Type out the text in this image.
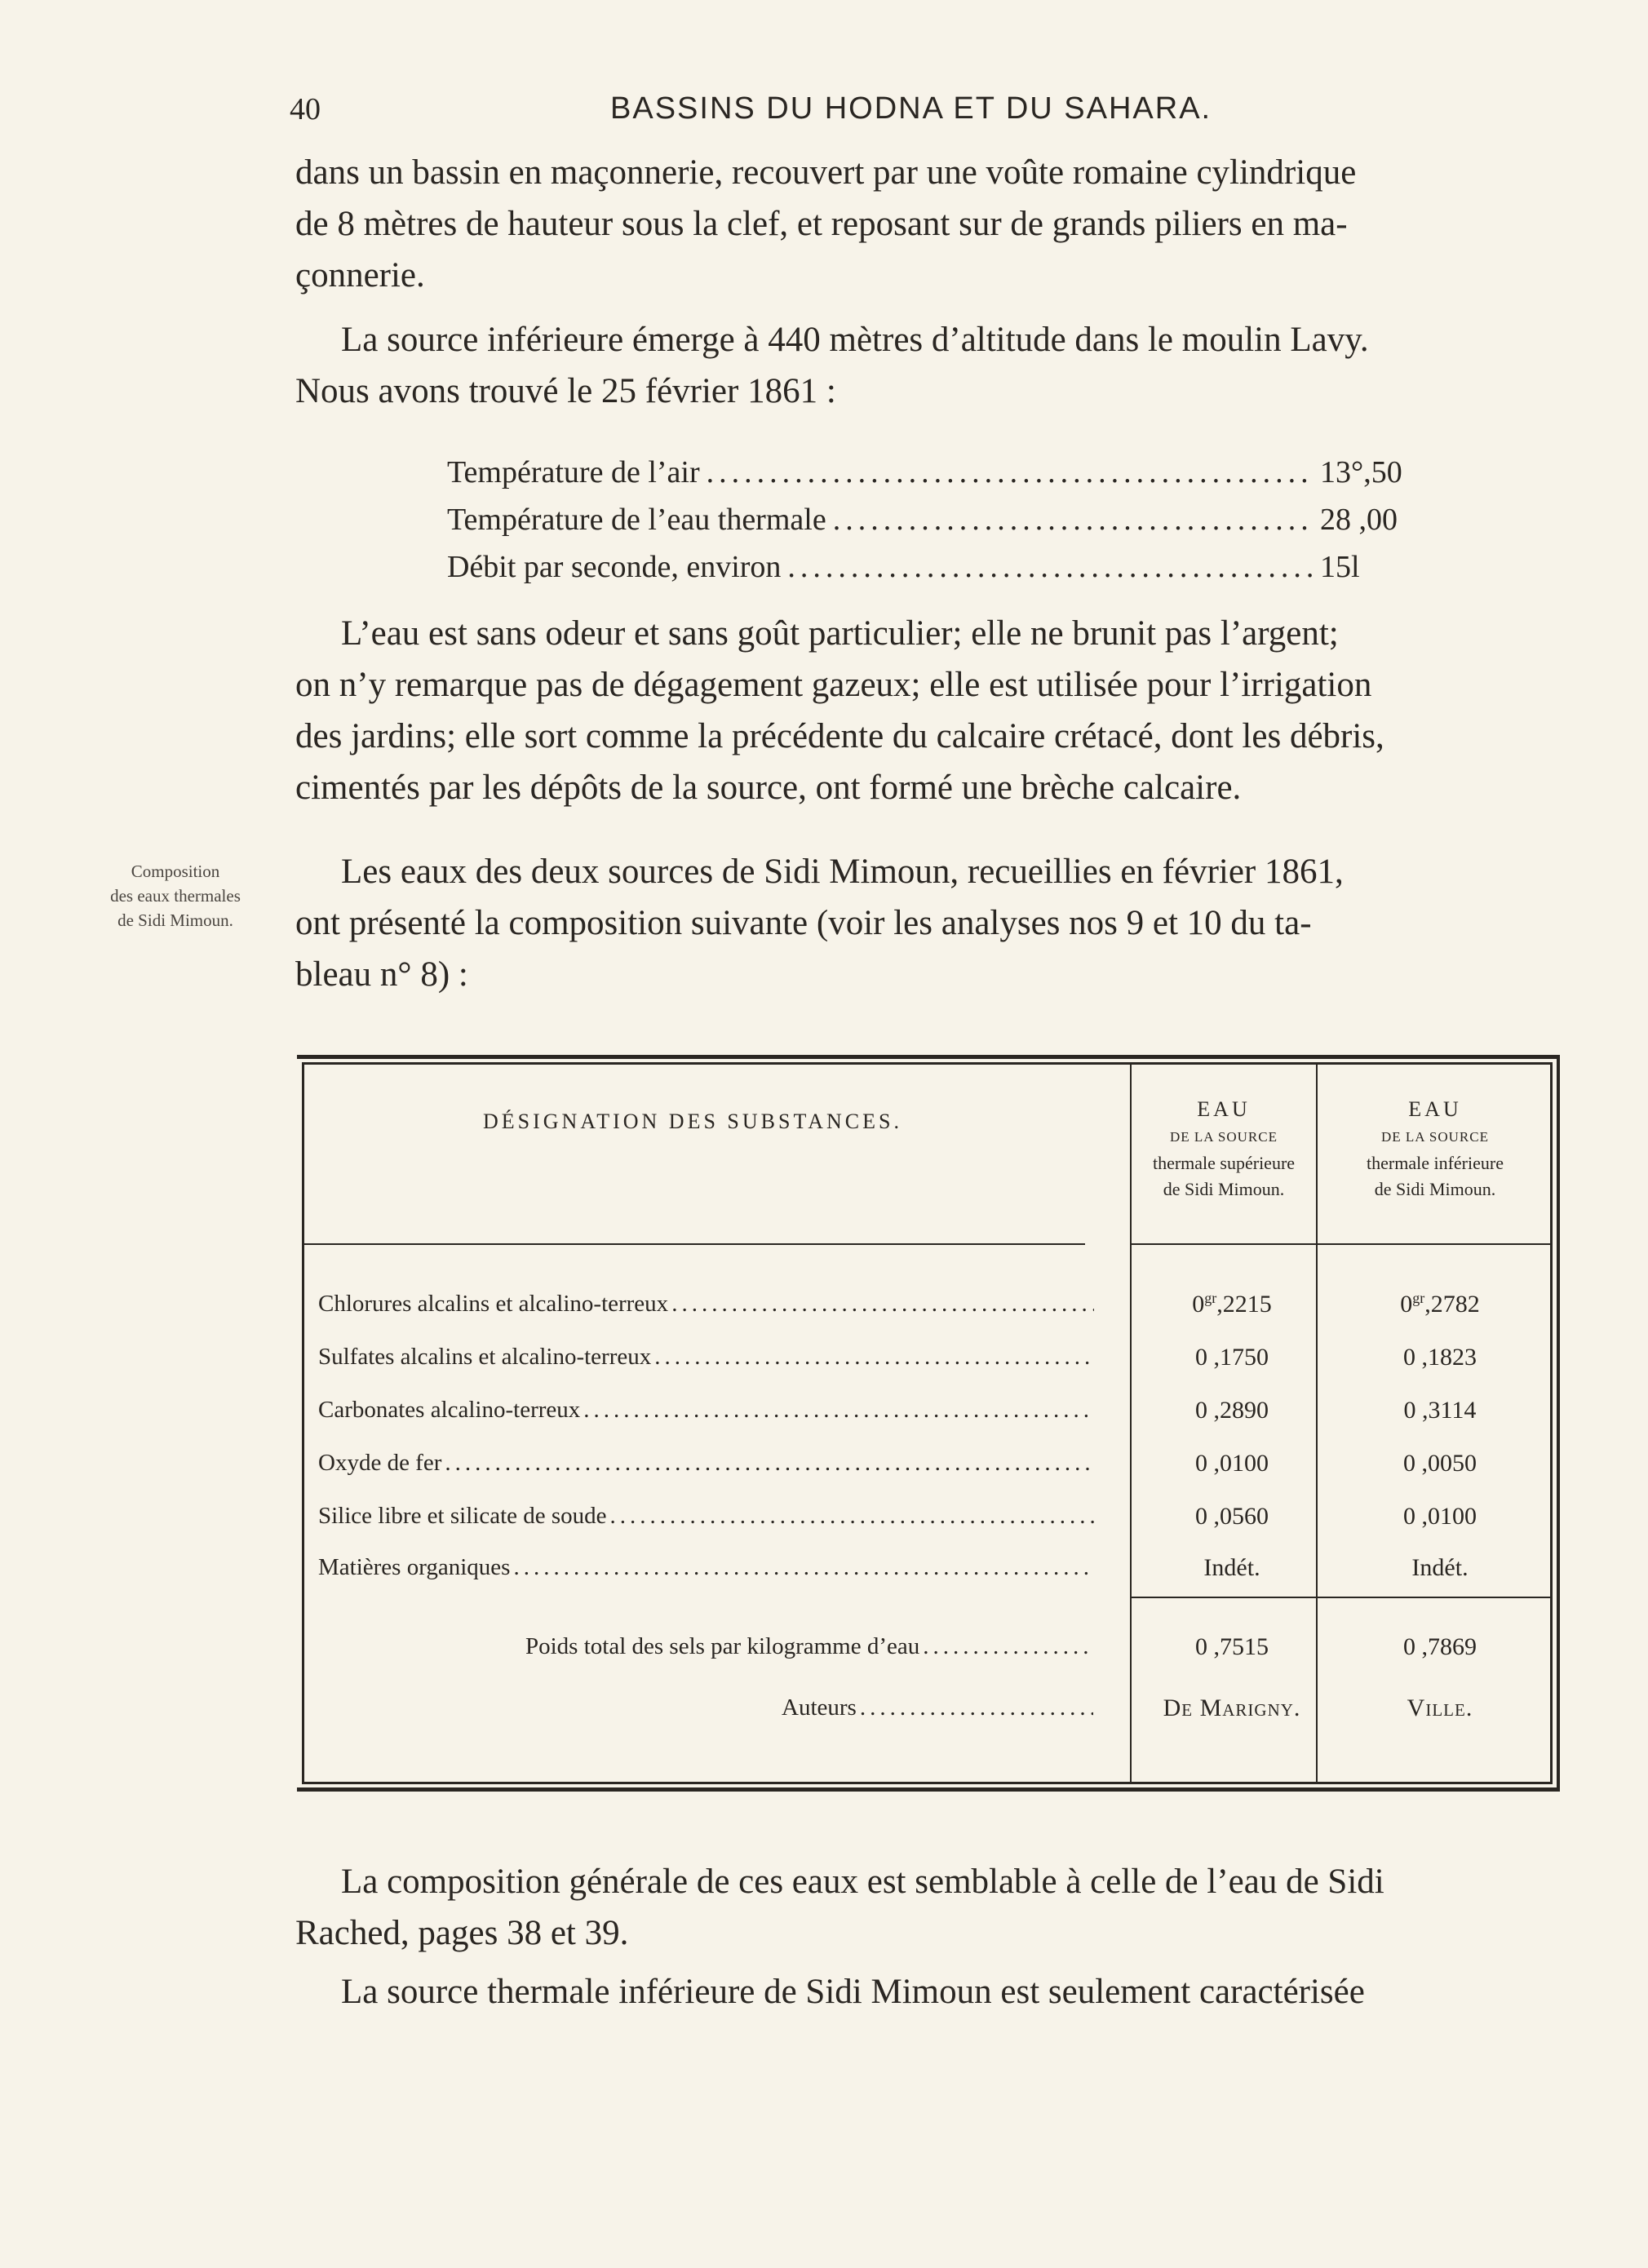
40	BASSINS DU HODNA ET DU SAHARA.
dans un bassin en maçonnerie, recouvert par une voûte romaine cylindrique
de 8 mètres de hauteur sous la clef, et reposant sur de grands piliers en ma-
çonnerie.
La source inférieure émerge à 440 mètres d’altitude dans le moulin Lavy.
Nous avons trouvé le 25 février 1861 :
Température de l’air .....	13°,50
Température de l’eau thermale .....	28 ,00
Débit par seconde, environ .....	15l
L’eau est sans odeur et sans goût particulier; elle ne brunit pas l’argent;
on n’y remarque pas de dégagement gazeux; elle est utilisée pour l’irrigation
des jardins; elle sort comme la précédente du calcaire crétacé, dont les débris,
cimentés par les dépôts de la source, ont formé une brèche calcaire.
Composition
des eaux thermales
de Sidi Mimoun.
Les eaux des deux sources de Sidi Mimoun, recueillies en février 1861,
ont présenté la composition suivante (voir les analyses nos 9 et 10 du ta-
bleau n° 8) :
DÉSIGNATION DES SUBSTANCES.
EAU
DE LA SOURCE
thermale supérieure
de Sidi Mimoun.
EAU
DE LA SOURCE
thermale inférieure
de Sidi Mimoun.
Chlorures alcalins et alcalino-terreux .....	$0^{gr},2215$	$0^{gr},2782$
Sulfates alcalins et alcalino-terreux .....	0 ,1750	0 ,1823
Carbonates alcalino-terreux .....	0 ,2890	0 ,3114
Oxyde de fer .....	0 ,0100	0 ,0050
Silice libre et silicate de soude .....	0 ,0560	0 ,0100
Matières organiques .....	Indét.	Indét.
Poids total des sels par kilogramme d’eau .....	0 ,7515	0 ,7869
Auteurs .....	De Marigny.	Ville.
La composition générale de ces eaux est semblable à celle de l’eau de Sidi
Rached, pages 38 et 39.
La source thermale inférieure de Sidi Mimoun est seulement caractérisée
